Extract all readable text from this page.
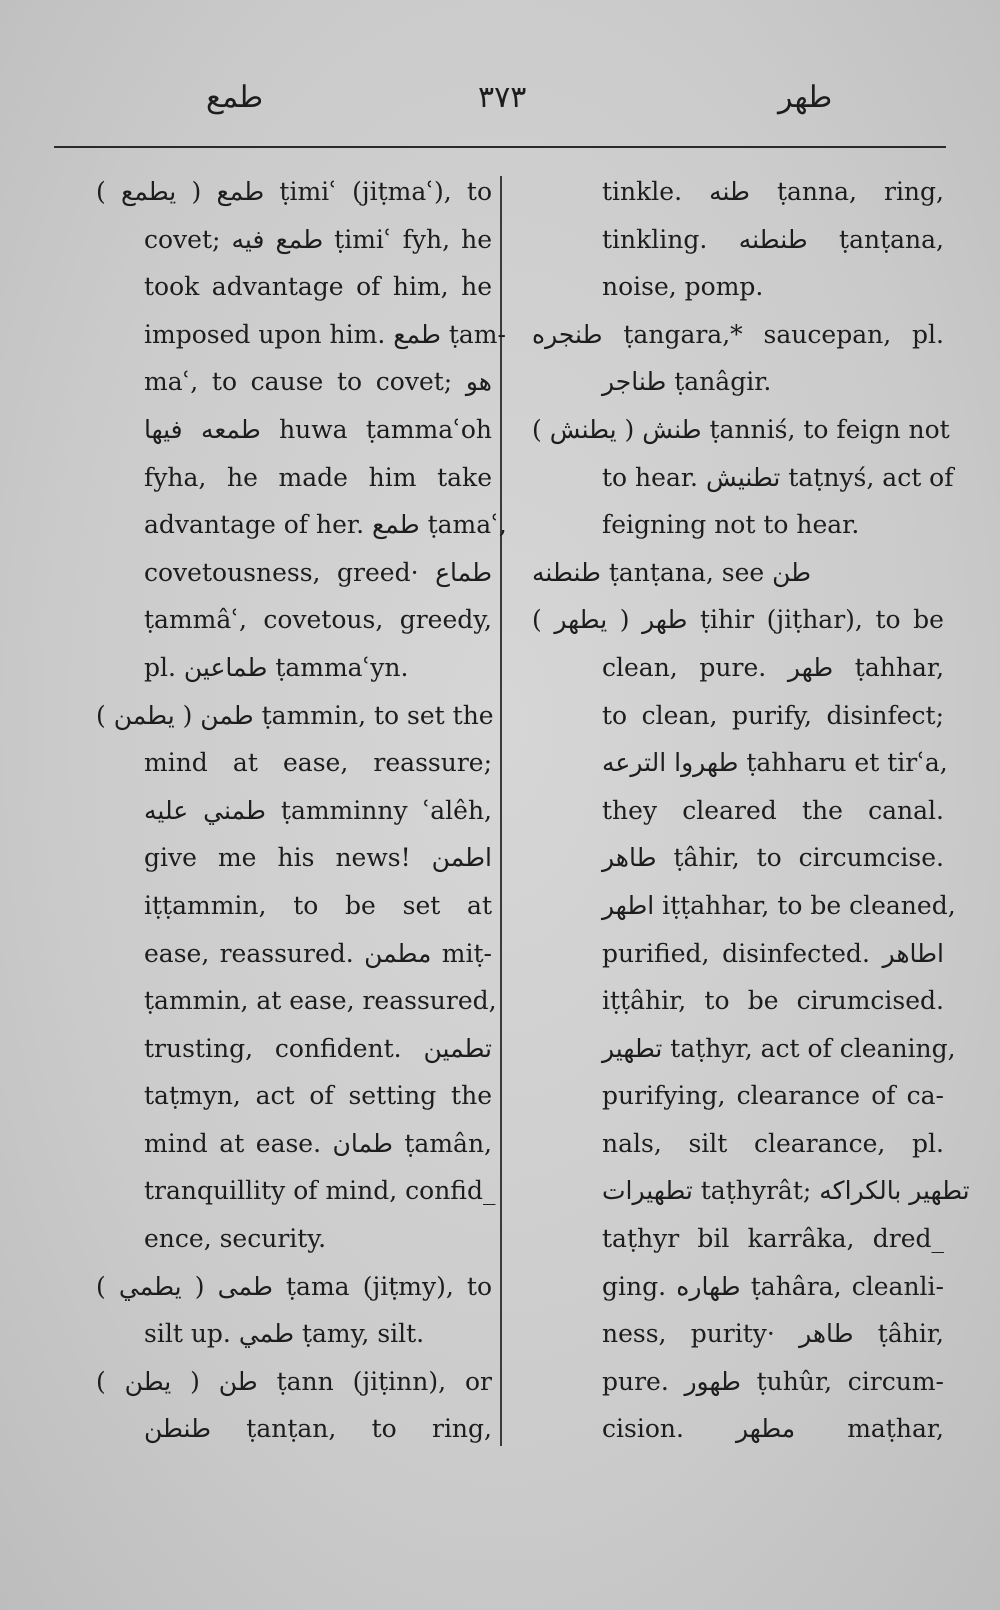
طمع	٣٧٣	طهر
طمع ( يطمع ) ṭimiʿ (jiṭmaʿ), to
covet; طمع فيه ṭimiʿ fyh, he
took advantage of him, he
imposed upon him. طمع ṭam-
maʿ, to cause to covet; هو
طمعه فيها huwa ṭammaʿoh
fyha, he made him take
advantage of her. طمع ṭamaʿ,
covetousness, greed· طماع
ṭammâʿ, covetous, greedy,
pl. طماعين ṭammaʿyn.
طمن ( يطمن ) ṭammin, to set the
mind at ease, reassure;
طمني عليه ṭamminny ʿalêh,
give me his news! اطمن
iṭṭammin, to be set at
ease, reassured. مطمن miṭ-
ṭammin, at ease, reassured,
trusting, confident. تطمين
taṭmyn, act of setting the
mind at ease. طمان ṭamân,
tranquillity of mind, confid_
ence, security.
طمى ( يطمي ) ṭama (jiṭmy), to
silt up. طمي ṭamy, silt.
طن ( يطن ) ṭann (jiṭinn), or
طنطن ṭanṭan, to ring,
tinkle. طنه ṭanna, ring,
tinkling. طنطنه ṭanṭana,
noise, pomp.
طنجره ṭangara,* saucepan, pl.
طناجر ṭanâgir.
طنش ( يطنش ) ṭanniś, to feign not
to hear. تطنيش taṭnyś, act of
feigning not to hear.
طنطنه ṭanṭana, see طن
طهر ( يطهر ) ṭihir (jiṭhar), to be
clean, pure. طهر ṭahhar,
to clean, purify, disinfect;
طهروا الترعه ṭahharu et tirʿa,
they cleared the canal.
طاهر ṭâhir, to circumcise.
اطهر iṭṭahhar, to be cleaned,
purified, disinfected. اطاهر
iṭṭâhir, to be cirumcised.
تطهير taṭhyr, act of cleaning,
purifying, clearance of ca-
nals, silt clearance, pl.
تطهيرات taṭhyrât; تطهير بالكراكه
taṭhyr bil karrâka, dred_
ging. طهاره ṭahâra, cleanli-
ness, purity· طاهر ṭâhir,
pure. طهور ṭuhûr, circum-
cision. مطهر maṭhar,
